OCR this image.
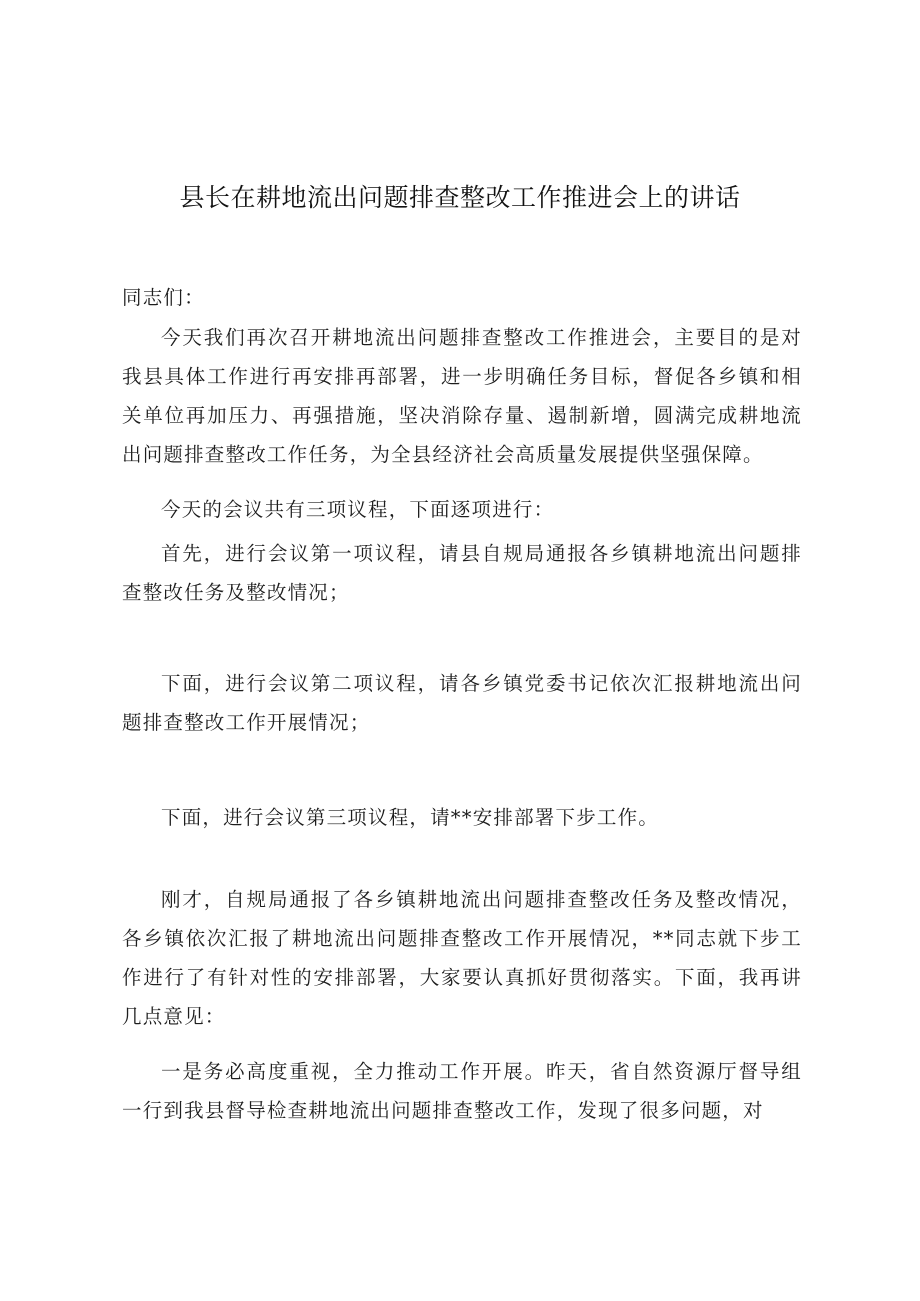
县长在耕地流出问题排查整改工作推进会上的讲话

同志们：

今天我们再次召开耕地流出问题排查整改工作推进会，主要目的是对我县具体工作进行再安排再部署，进一步明确任务目标，督促各乡镇和相关单位再加压力、再强措施，坚决消除存量、遏制新增，圆满完成耕地流出问题排查整改工作任务，为全县经济社会高质量发展提供坚强保障。

今天的会议共有三项议程，下面逐项进行：

首先，进行会议第一项议程，请县自规局通报各乡镇耕地流出问题排查整改任务及整改情况；

下面，进行会议第二项议程，请各乡镇党委书记依次汇报耕地流出问题排查整改工作开展情况；

下面，进行会议第三项议程，请**安排部署下步工作。

刚才，自规局通报了各乡镇耕地流出问题排查整改任务及整改情况，各乡镇依次汇报了耕地流出问题排查整改工作开展情况，**同志就下步工作进行了有针对性的安排部署，大家要认真抓好贯彻落实。下面，我再讲几点意见：

一是务必高度重视，全力推动工作开展。昨天，省自然资源厅督导组一行到我县督导检查耕地流出问题排查整改工作，发现了很多问题，对
